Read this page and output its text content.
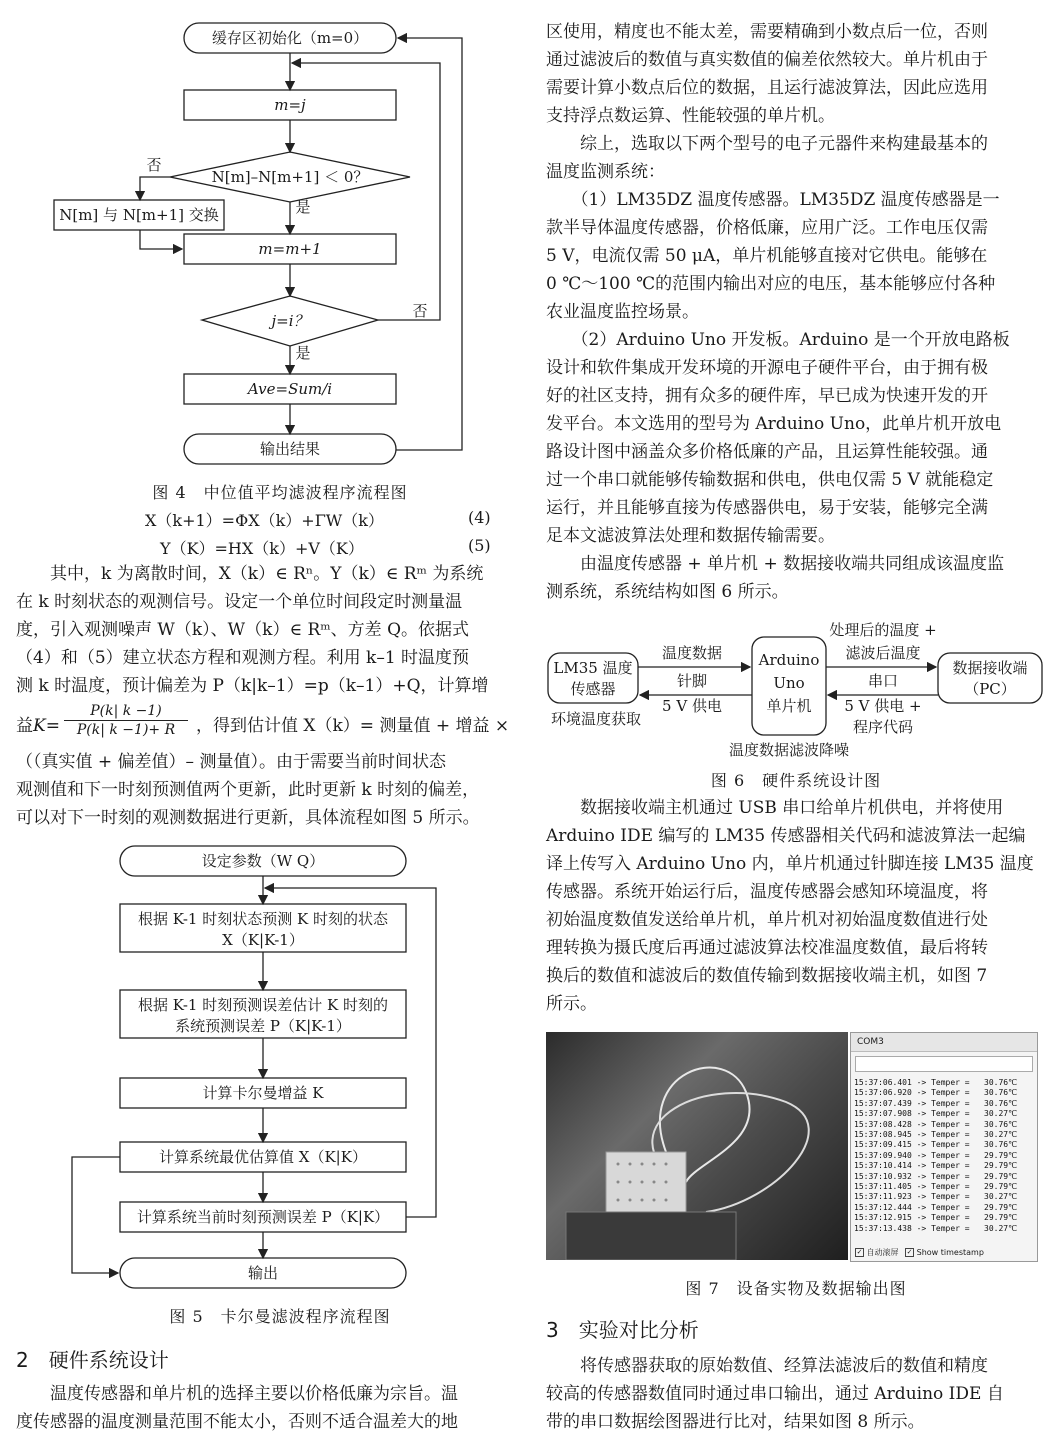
缓存区初始化（m=0）
m=j
N[m]–N[m+1] ＜ 0？
N[m] 与 N[m+1] 交换
m=m+1
j=i？
Ave=Sum/i
输出结果
否
是
否
是
图 4　中位值平均滤波程序流程图
X（k+1）=ΦX（k）+ΓW（k）	(4)
Y（K）=HX（k）+V（K）	(5)

　　其中，k 为离散时间，X（k）∈ Rⁿ。Y（k）∈ Rᵐ 为系统

在 k 时刻状态的观测信号。设定一个单位时间段定时测量温

度，引入观测噪声 W（k）、W（k）∈ Rᵐ、方差 Q。依据式

（4）和（5）建立状态方程和观测方程。利用 k–1 时温度预

测 k 时温度，预计偏差为 P（k|k–1）=p（k–1）+Q，计算增

益 $K= \frac{P(k| k -1)}{P(k| k -1)+ R}$ ，得到估计值 X（k）= 测量值 + 增益 ×

（（真实值 + 偏差值）– 测量值）。由于需要当前时间状态

观测值和下一时刻预测值两个更新，此时更新 k 时刻的偏差，

可以对下一时刻的观测数据进行更新，具体流程如图 5 所示。

设定参数（W Q）
根据 K-1 时刻状态预测 K 时刻的状态
X（K|K-1）
根据 K-1 时刻预测误差估计 K 时刻的
系统预测误差 P（K|K-1）
计算卡尔曼增益 K
计算系统最优估算值 X（K|K）
计算系统当前时刻预测误差 P（K|K）
输出
图 5　卡尔曼滤波程序流程图
2　硬件系统设计

　　温度传感器和单片机的选择主要以价格低廉为宗旨。温

度传感器的温度测量范围不能太小，否则不适合温差大的地

区使用，精度也不能太差，需要精确到小数点后一位，否则

通过滤波后的数值与真实数值的偏差依然较大。单片机由于

需要计算小数点后位的数据，且运行滤波算法，因此应选用

支持浮点数运算、性能较强的单片机。

　　综上，选取以下两个型号的电子元器件来构建最基本的

温度监测系统：

　　（1）LM35DZ 温度传感器。LM35DZ 温度传感器是一

款半导体温度传感器，价格低廉，应用广泛。工作电压仅需

5 V，电流仅需 50 μA，单片机能够直接对它供电。能够在

0 ℃～100 ℃的范围内输出对应的电压，基本能够应付各种

农业温度监控场景。

　　（2）Arduino Uno 开发板。Arduino 是一个开放电路板

设计和软件集成开发环境的开源电子硬件平台，由于拥有极

好的社区支持，拥有众多的硬件库，早已成为快速开发的开

发平台。本文选用的型号为 Arduino Uno，此单片机开放电

路设计图中涵盖众多价格低廉的产品，且运算性能较强。通

过一个串口就能够传输数据和供电，供电仅需 5 V 就能稳定

运行，并且能够直接为传感器供电，易于安装，能够完全满

足本文滤波算法处理和数据传输需要。

　　由温度传感器 + 单片机 + 数据接收端共同组成该温度监

测系统，系统结构如图 6 所示。

LM35 温度
传感器
Arduino
Uno
单片机
数据接收端
（PC）
温度数据
针脚
5 V 供电
处理后的温度 +
滤波后温度
串口
5 V 供电 +
程序代码
环境温度获取
温度数据滤波降噪
图 6　硬件系统设计图

　　数据接收端主机通过 USB 串口给单片机供电，并将使用

Arduino IDE 编写的 LM35 传感器相关代码和滤波算法一起编

译上传写入 Arduino Uno 内，单片机通过针脚连接 LM35 温度

传感器。系统开始运行后，温度传感器会感知环境温度，将

初始温度数值发送给单片机，单片机对初始温度数值进行处

理转换为摄氏度后再通过滤波算法校准温度数值，最后将转

换后的数值和滤波后的数值传输到数据接收端主机，如图 7

所示。

COM3
15:37:06.401 -> Temper =   30.76℃
15:37:06.920 -> Temper =   30.76℃
15:37:07.439 -> Temper =   30.76℃
15:37:07.908 -> Temper =   30.27℃
15:37:08.428 -> Temper =   30.76℃
15:37:08.945 -> Temper =   30.27℃
15:37:09.415 -> Temper =   30.76℃
15:37:09.940 -> Temper =   29.79℃
15:37:10.414 -> Temper =   29.79℃
15:37:10.932 -> Temper =   29.79℃
15:37:11.405 -> Temper =   29.79℃
15:37:11.923 -> Temper =   30.27℃
15:37:12.444 -> Temper =   29.79℃
15:37:12.915 -> Temper =   29.79℃
15:37:13.438 -> Temper =   30.27℃
✓ 自动滚屏 ✓ Show timestamp
图 7　设备实物及数据输出图
3　实验对比分析

　　将传感器获取的原始数值、经算法滤波后的数值和精度

较高的传感器数值同时通过串口输出，通过 Arduino IDE 自

带的串口数据绘图器进行比对，结果如图 8 所示。
